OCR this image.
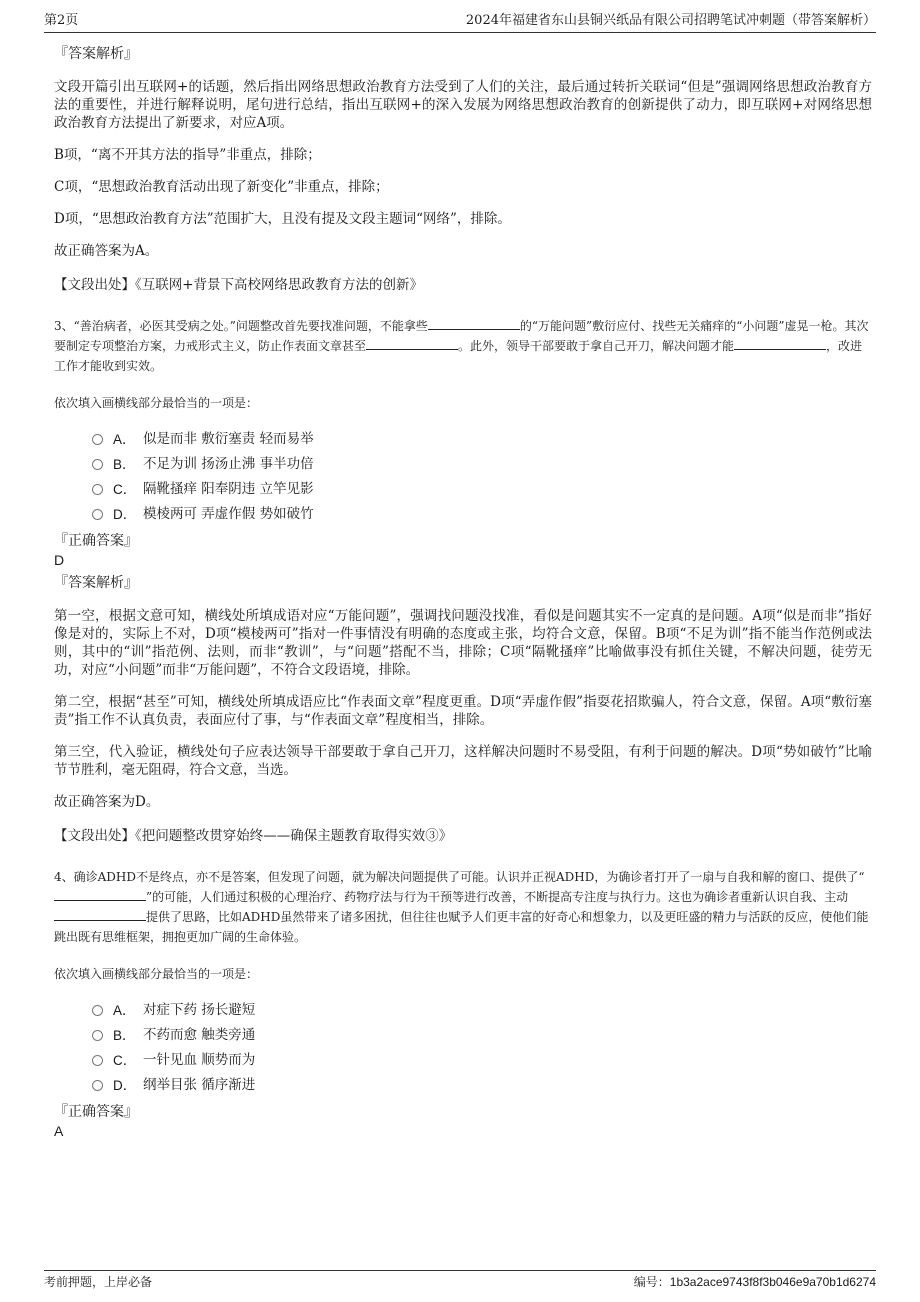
第2页	2024年福建省东山县铜兴纸品有限公司招聘笔试冲刺题（带答案解析）

『答案解析』

文段开篇引出互联网+的话题，然后指出网络思想政治教育方法受到了人们的关注，最后通过转折关联词“但是”强调网络思想政治教育方法的重要性，并进行解释说明，尾句进行总结，指出互联网+的深入发展为网络思想政治教育的创新提供了动力，即互联网+对网络思想政治教育方法提出了新要求，对应A项。

B项，“离不开其方法的指导”非重点，排除；

C项，“思想政治教育活动出现了新变化”非重点，排除；

D项，“思想政治教育方法”范围扩大，且没有提及文段主题词“网络”，排除。

故正确答案为A。

【文段出处】《互联网+背景下高校网络思政教育方法的创新》

3、“善治病者，必医其受病之处。”问题整改首先要找准问题，不能拿些	的“万能问题”敷衍应付、找些无关痛痒的“小问题”虚晃一枪。其次要制定专项整治方案，力戒形式主义，防止作表面文章甚至	。此外，领导干部要敢于拿自己开刀，解决问题才能	，改进工作才能收到实效。

依次填入画横线部分最恰当的一项是：

A． 似是而非 敷衍塞责 轻而易举
B． 不足为训 扬汤止沸 事半功倍
C． 隔靴搔痒 阳奉阴违 立竿见影
D． 模棱两可 弄虚作假 势如破竹

『正确答案』

D

『答案解析』

第一空，根据文意可知，横线处所填成语对应“万能问题”，强调找问题没找准，看似是问题其实不一定真的是问题。A项“似是而非”指好像是对的，实际上不对，D项“模棱两可”指对一件事情没有明确的态度或主张，均符合文意，保留。B项“不足为训”指不能当作范例或法则，其中的“训”指范例、法则，而非“教训”，与“问题”搭配不当，排除；C项“隔靴搔痒”比喻做事没有抓住关键，不解决问题，徒劳无功，对应“小问题”而非“万能问题”，不符合文段语境，排除。

第二空，根据“甚至”可知，横线处所填成语应比“作表面文章”程度更重。D项“弄虚作假”指耍花招欺骗人，符合文意，保留。A项“敷衍塞责”指工作不认真负责，表面应付了事，与“作表面文章”程度相当，排除。

第三空，代入验证，横线处句子应表达领导干部要敢于拿自己开刀，这样解决问题时不易受阻，有利于问题的解决。D项“势如破竹”比喻节节胜利，毫无阻碍，符合文意，当选。

故正确答案为D。

【文段出处】《把问题整改贯穿始终——确保主题教育取得实效③》

4、确诊ADHD不是终点，亦不是答案，但发现了问题，就为解决问题提供了可能。认识并正视ADHD，为确诊者打开了一扇与自我和解的窗口、提供了“”的可能，人们通过积极的心理治疗、药物疗法与行为干预等进行改善，不断提高专注度与执行力。这也为确诊者重新认识自我、主动提供了思路，比如ADHD虽然带来了诸多困扰，但往往也赋予人们更丰富的好奇心和想象力，以及更旺盛的精力与活跃的反应，使他们能跳出既有思维框架，拥抱更加广阔的生命体验。

依次填入画横线部分最恰当的一项是：

A． 对症下药 扬长避短
B． 不药而愈 触类旁通
C． 一针见血 顺势而为
D． 纲举目张 循序渐进

『正确答案』

A

考前押题，上岸必备	编号：1b3a2ace9743f8f3b046e9a70b1d6274
